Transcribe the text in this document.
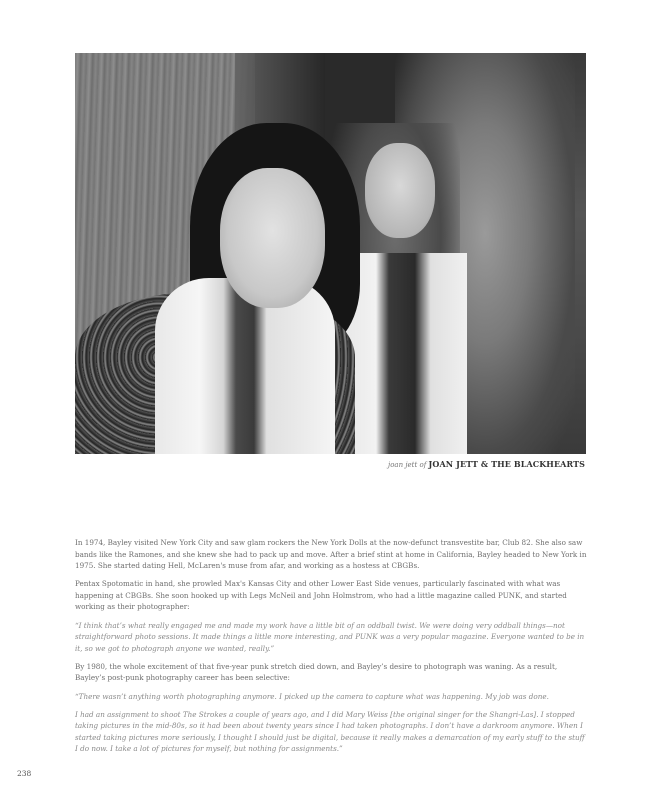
joan jett of JOAN JETT & THE BLACKHEARTS

In 1974, Bayley visited New York City and saw glam rockers the New York Dolls at the now-defunct transvestite bar, Club 82. She also saw bands like the Ramones, and she knew she had to pack up and move. After a brief stint at home in California, Bayley headed to New York in 1975. She started dating Hell, McLaren's muse from afar, and working as a hostess at CBGBs.

Pentax Spotomatic in hand, she prowled Max's Kansas City and other Lower East Side venues, particularly fascinated with what was happening at CBGBs. She soon hooked up with Legs McNeil and John Holmstrom, who had a little magazine called PUNK, and started working as their photographer:

“I think that’s what really engaged me and made my work have a little bit of an oddball twist. We were doing very oddball things—not straightforward photo sessions. It made things a little more interesting, and PUNK was a very popular magazine. Everyone wanted to be in it, so we got to photograph anyone we wanted, really.”

By 1980, the whole excitement of that five-year punk stretch died down, and Bayley’s desire to photograph was waning. As a result, Bayley’s post-punk photography career has been selective:

“There wasn’t anything worth photographing anymore. I picked up the camera to capture what was happening. My job was done.

I had an assignment to shoot The Strokes a couple of years ago, and I did Mary Weiss [the original singer for the Shangri-Las]. I stopped taking pictures in the mid-80s, so it had been about twenty years since I had taken photographs. I don’t have a darkroom anymore. When I started taking pictures more seriously, I thought I should just be digital, because it really makes a demarcation of my early stuff to the stuff I do now. I take a lot of pictures for myself, but nothing for assignments.”

238
